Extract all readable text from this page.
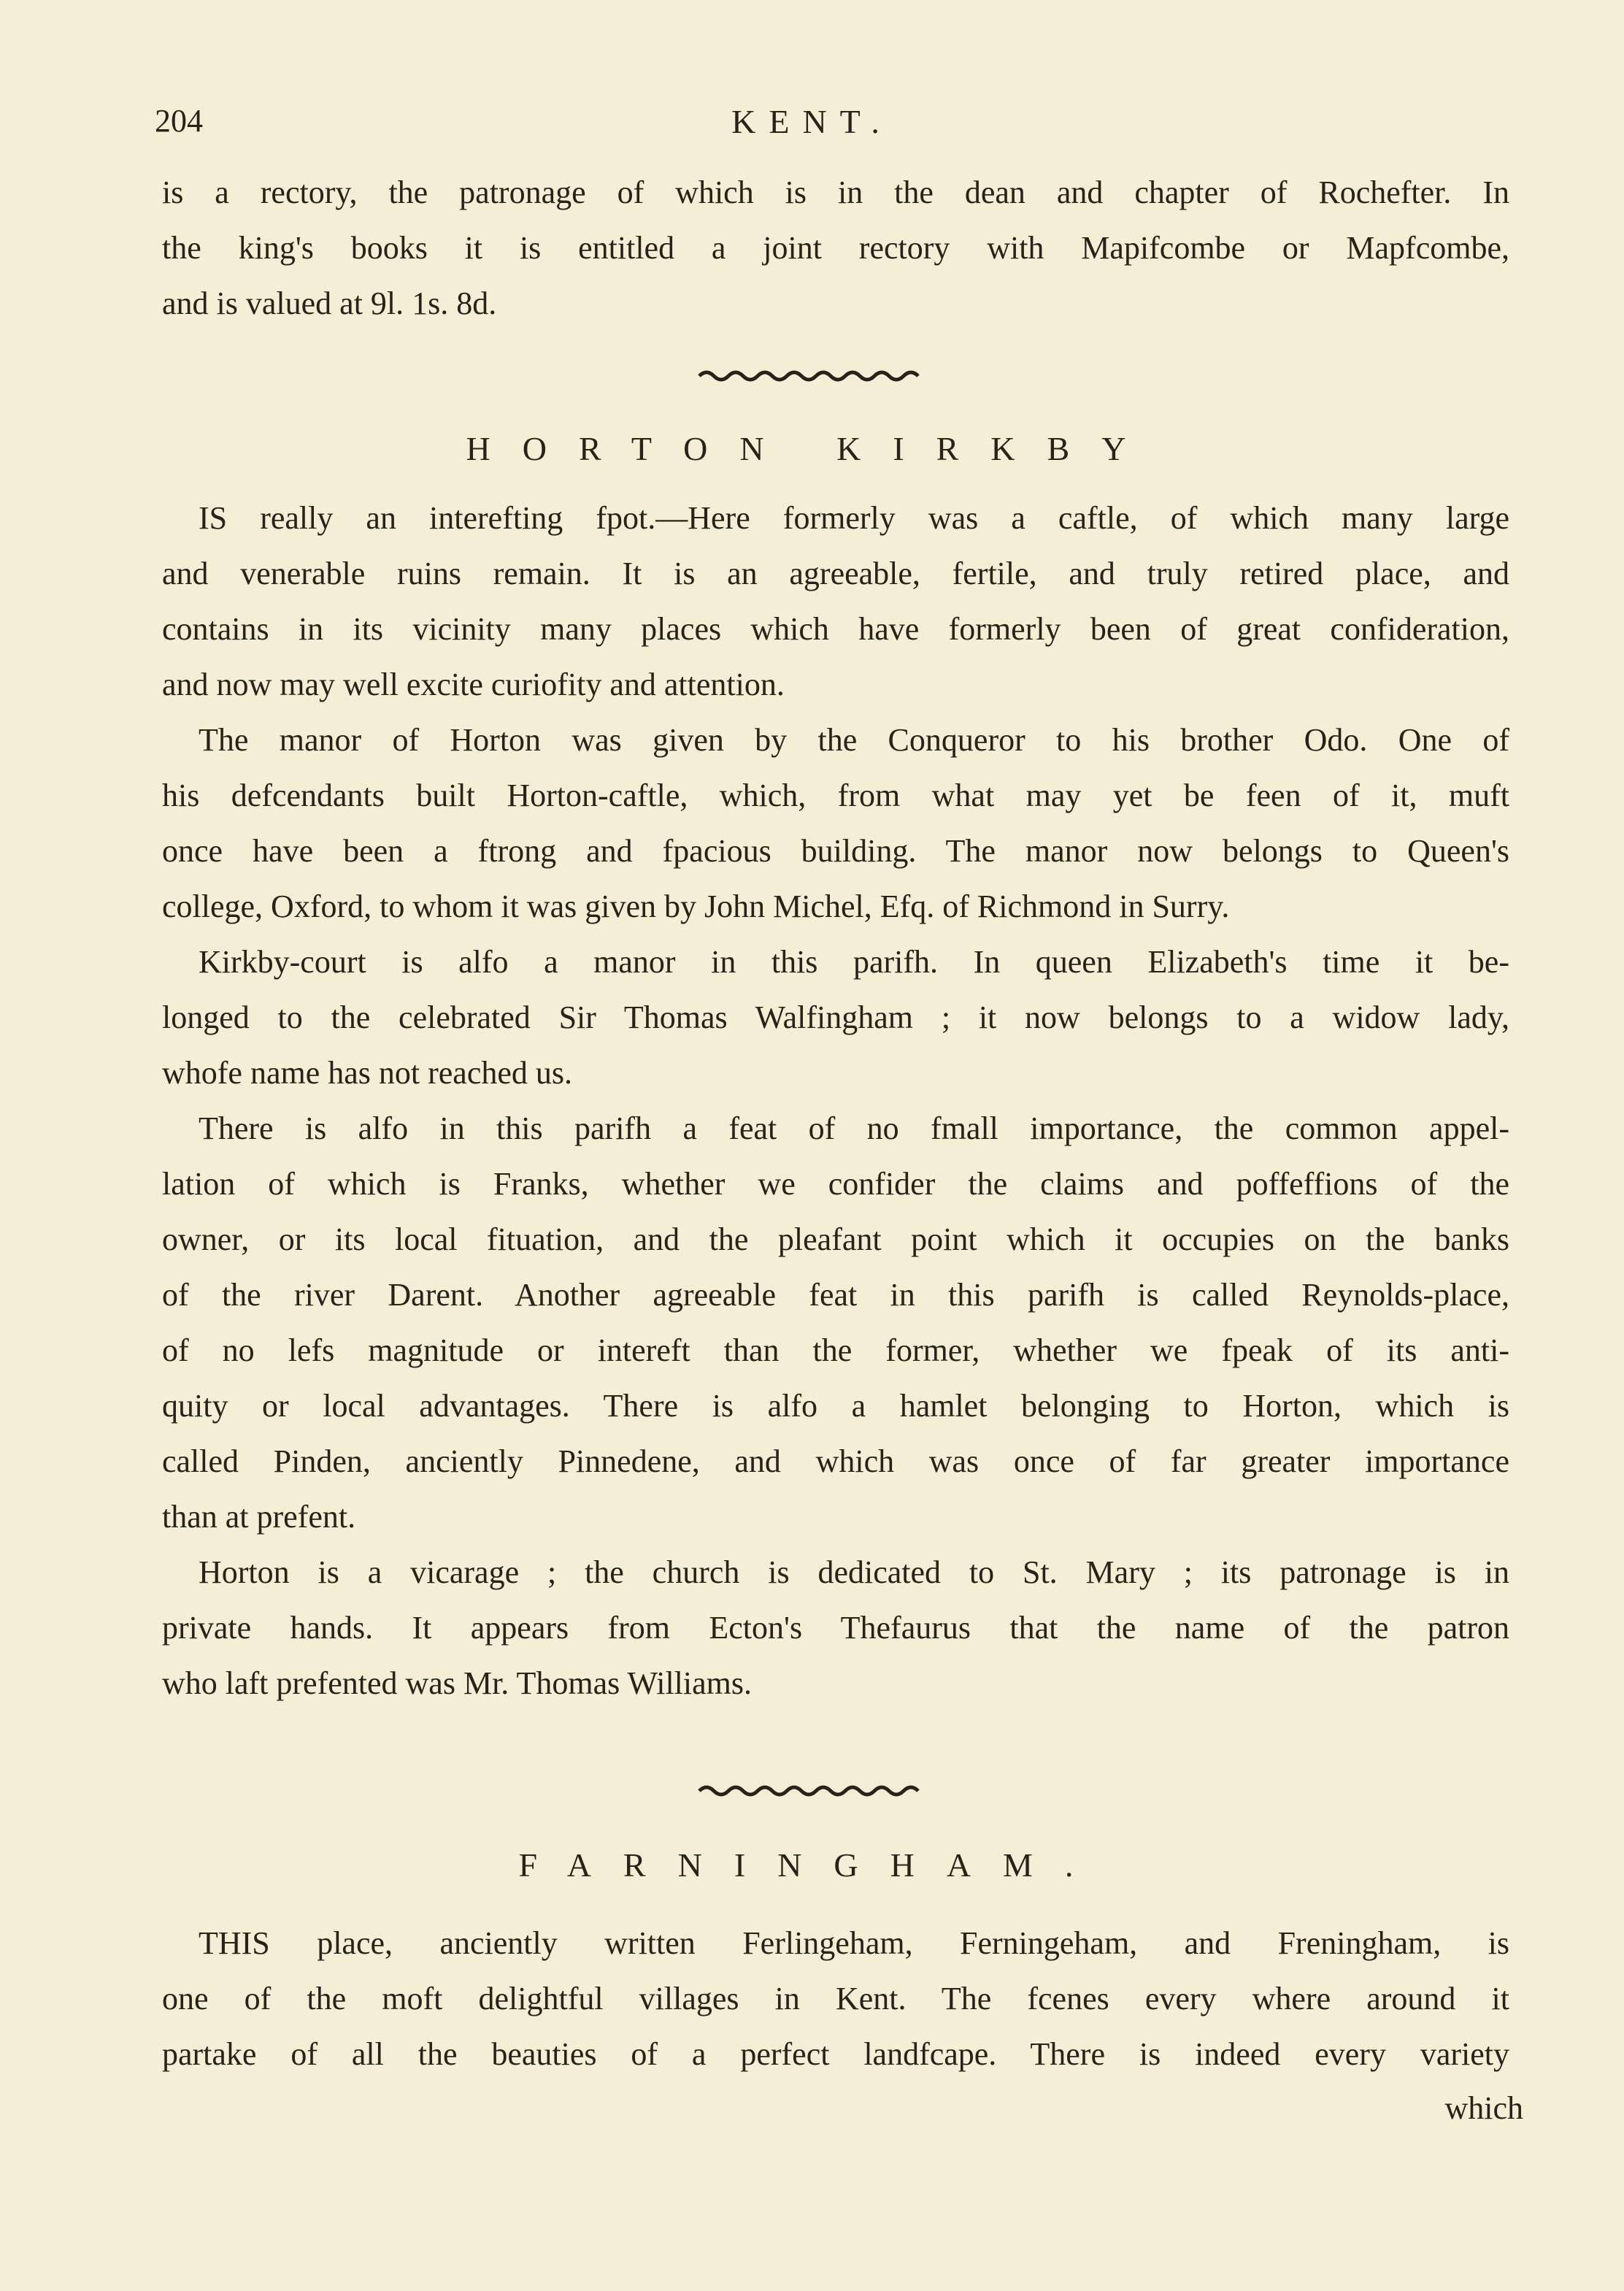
204	KENT.

is a rectory, the patronage of which is in the dean and chapter of Rochefter. In

the king's books it is entitled a joint rectory with Mapifcombe or Mapfcombe,

and is valued at 9l. 1s. 8d.

HORTON KIRKBY

IS really an interefting fpot.—Here formerly was a caftle, of which many large

and venerable ruins remain. It is an agreeable, fertile, and truly retired place, and

contains in its vicinity many places which have formerly been of great confideration,

and now may well excite curiofity and attention.

The manor of Horton was given by the Conqueror to his brother Odo. One of

his defcendants built Horton-caftle, which, from what may yet be feen of it, muft

once have been a ftrong and fpacious building. The manor now belongs to Queen's

college, Oxford, to whom it was given by John Michel, Efq. of Richmond in Surry.

Kirkby-court is alfo a manor in this parifh. In queen Elizabeth's time it be-

longed to the celebrated Sir Thomas Walfingham ; it now belongs to a widow lady,

whofe name has not reached us.

There is alfo in this parifh a feat of no fmall importance, the common appel-

lation of which is Franks, whether we confider the claims and poffeffions of the

owner, or its local fituation, and the pleafant point which it occupies on the banks

of the river Darent. Another agreeable feat in this parifh is called Reynolds-place,

of no lefs magnitude or intereft than the former, whether we fpeak of its anti-

quity or local advantages. There is alfo a hamlet belonging to Horton, which is

called Pinden, anciently Pinnedene, and which was once of far greater importance

than at prefent.

Horton is a vicarage ; the church is dedicated to St. Mary ; its patronage is in

private hands. It appears from Ecton's Thefaurus that the name of the patron

who laft prefented was Mr. Thomas Williams.

FARNINGHAM.

THIS place, anciently written Ferlingeham, Ferningeham, and Freningham, is

one of the moft delightful villages in Kent. The fcenes every where around it

partake of all the beauties of a perfect landfcape. There is indeed every variety

which
